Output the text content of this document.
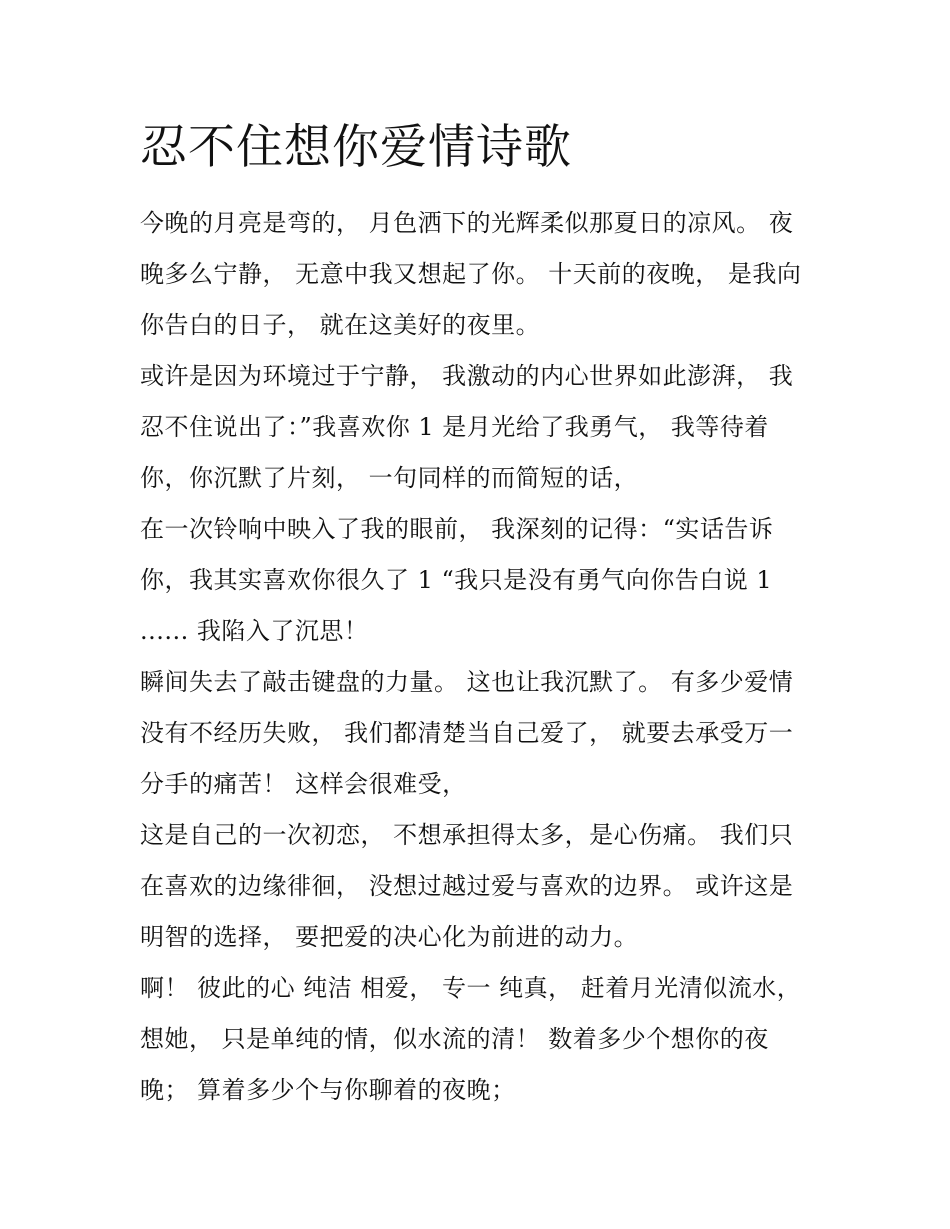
忍不住想你爱情诗歌
今晚的月亮是弯的， 月色洒下的光辉柔似那夏日的凉风。 夜
晚多么宁静， 无意中我又想起了你。 十天前的夜晚， 是我向
你告白的日子， 就在这美好的夜里。
或许是因为环境过于宁静， 我激动的内心世界如此澎湃， 我
忍不住说出了：”我喜欢你 1 是月光给了我勇气， 我等待着
你，你沉默了片刻， 一句同样的而简短的话，
在一次铃响中映入了我的眼前， 我深刻的记得：“实话告诉
你，我其实喜欢你很久了 1 “我只是没有勇气向你告白说 1
...... 我陷入了沉思！
瞬间失去了敲击键盘的力量。 这也让我沉默了。 有多少爱情
没有不经历失败， 我们都清楚当自己爱了， 就要去承受万一
分手的痛苦！ 这样会很难受，
这是自己的一次初恋， 不想承担得太多，是心伤痛。 我们只
在喜欢的边缘徘徊， 没想过越过爱与喜欢的边界。 或许这是
明智的选择， 要把爱的决心化为前进的动力。
啊！ 彼此的心 纯洁 相爱， 专一 纯真， 赶着月光清似流水，
想她， 只是单纯的情，似水流的清！ 数着多少个想你的夜
晚； 算着多少个与你聊着的夜晚；
